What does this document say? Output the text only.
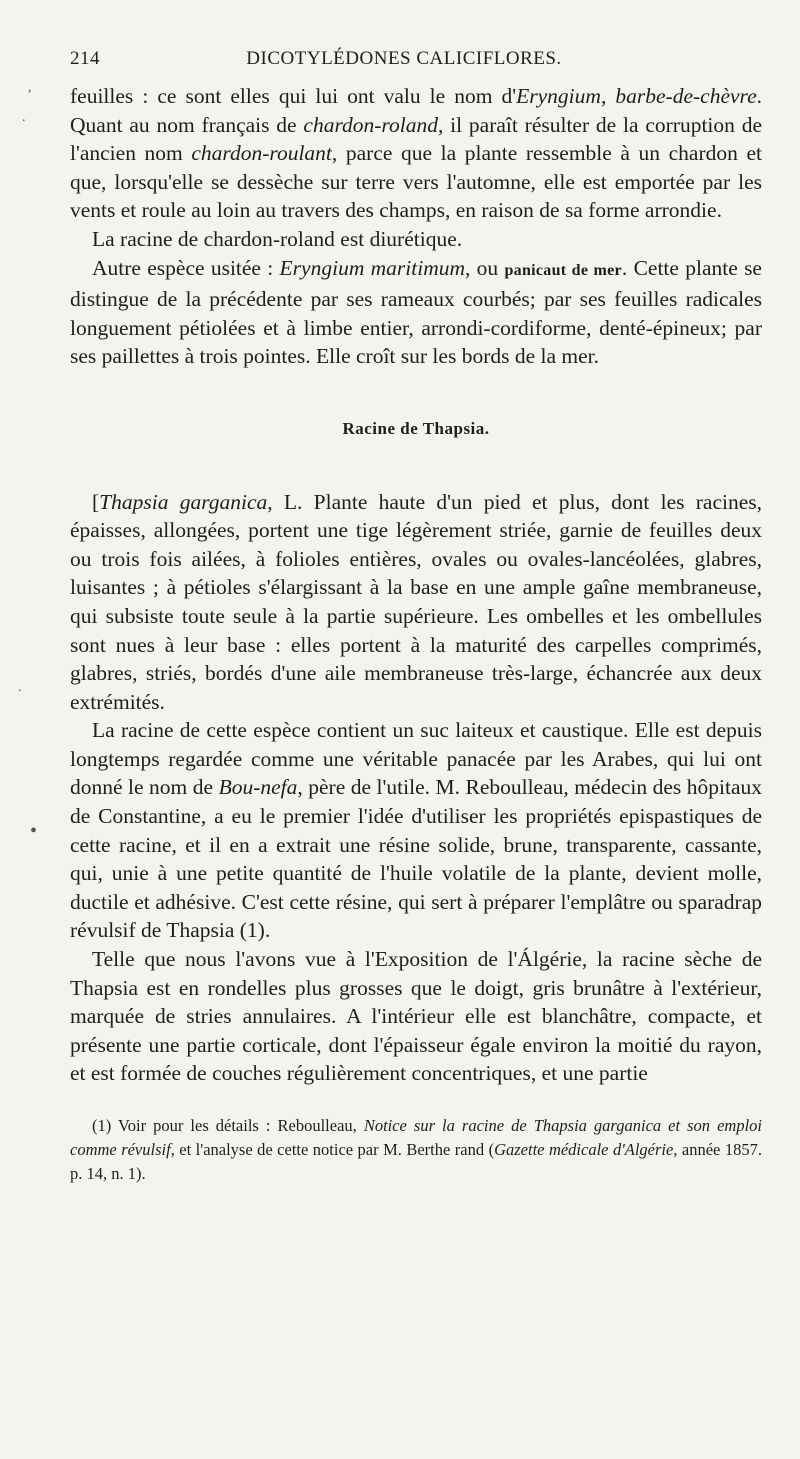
,
.
.
•
214	DICOTYLÉDONES CALICIFLORES.

feuilles : ce sont elles qui lui ont valu le nom d'Eryngium, barbe-de-chèvre. Quant au nom français de chardon-roland, il paraît résulter de la corruption de l'ancien nom chardon-roulant, parce que la plante ressemble à un chardon et que, lorsqu'elle se dessèche sur terre vers l'automne, elle est emportée par les vents et roule au loin au travers des champs, en raison de sa forme arrondie.

La racine de chardon-roland est diurétique.

Autre espèce usitée : Eryngium maritimum, ou panicaut de mer. Cette plante se distingue de la précédente par ses rameaux courbés; par ses feuilles radicales longuement pétiolées et à limbe entier, arrondi-cordiforme, denté-épineux; par ses paillettes à trois pointes. Elle croît sur les bords de la mer.

Racine de Thapsia.

[Thapsia garganica, L. Plante haute d'un pied et plus, dont les racines, épaisses, allongées, portent une tige légèrement striée, garnie de feuilles deux ou trois fois ailées, à folioles entières, ovales ou ovales-lancéolées, glabres, luisantes ; à pétioles s'élargissant à la base en une ample gaîne membraneuse, qui subsiste toute seule à la partie supérieure. Les ombelles et les ombellules sont nues à leur base : elles portent à la maturité des carpelles comprimés, glabres, striés, bordés d'une aile membraneuse très-large, échancrée aux deux extrémités.

La racine de cette espèce contient un suc laiteux et caustique. Elle est depuis longtemps regardée comme une véritable panacée par les Arabes, qui lui ont donné le nom de Bou-nefa, père de l'utile. M. Reboulleau, médecin des hôpitaux de Constantine, a eu le premier l'idée d'utiliser les propriétés epispastiques de cette racine, et il en a extrait une résine solide, brune, transparente, cassante, qui, unie à une petite quantité de l'huile volatile de la plante, devient molle, ductile et adhésive. C'est cette résine, qui sert à préparer l'emplâtre ou sparadrap révulsif de Thapsia (1).

Telle que nous l'avons vue à l'Exposition de l'Álgérie, la racine sèche de Thapsia est en rondelles plus grosses que le doigt, gris brunâtre à l'extérieur, marquée de stries annulaires. A l'intérieur elle est blanchâtre, compacte, et présente une partie corticale, dont l'épaisseur égale environ la moitié du rayon, et est formée de couches régulièrement concentriques, et une partie

(1) Voir pour les détails : Reboulleau, Notice sur la racine de Thapsia garganica et son emploi comme révulsif, et l'analyse de cette notice par M. Berthe rand (Gazette médicale d'Algérie, année 1857. p. 14, n. 1).
